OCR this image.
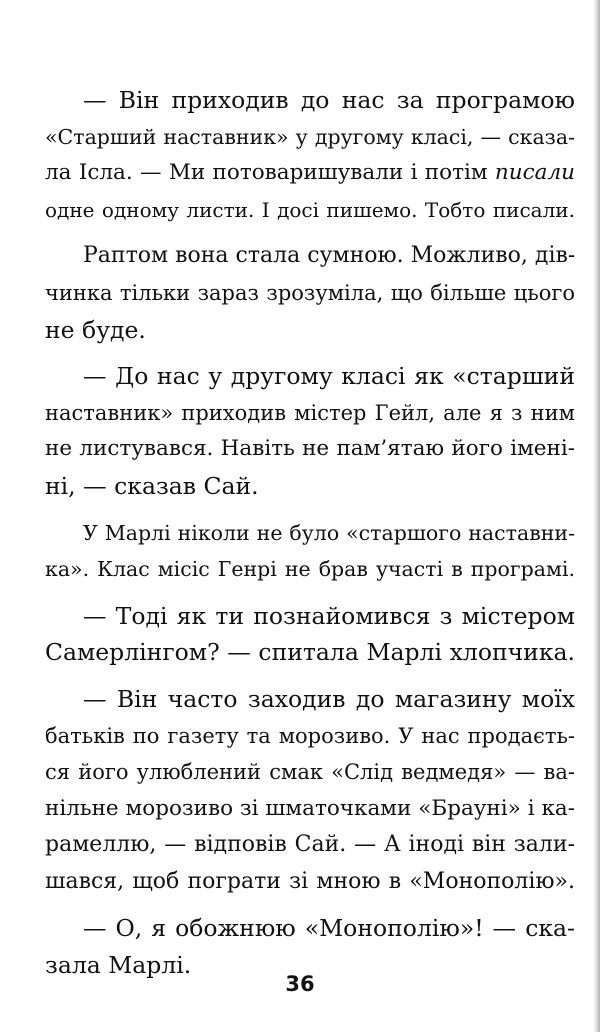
— Він приходив до нас за програмою
«Старший наставник» у другому класі, — сказа-
ла Ісла. — Ми потоваришували і потім писали
одне одному листи. І досі пишемо. Тобто писали.

Раптом вона стала сумною. Можливо, дів-
чинка тільки зараз зрозуміла, що більше цього
не буде.

— До нас у другому класі як «старший
наставник» приходив містер Гейл, але я з ним
не листувався. Навіть не пам’ятаю його імені-
ні, — сказав Сай.

У Марлі ніколи не було «старшого наставни-
ка». Клас місіс Генрі не брав участі в програмі.

— Тоді як ти познайомився з містером
Самерлінгом? — спитала Марлі хлопчика.

— Він часто заходив до магазину моїх
батьків по газету та морозиво. У нас продаєть-
ся його улюблений смак «Слід ведмедя» — ва-
нільне морозиво зі шматочками «Брауні» і ка-
рамеллю, — відповів Сай. — А іноді він зали-
шався, щоб пограти зі мною в «Монополію».

— О, я обожнюю «Монополію»! — ска-
зала Марлі.

36
